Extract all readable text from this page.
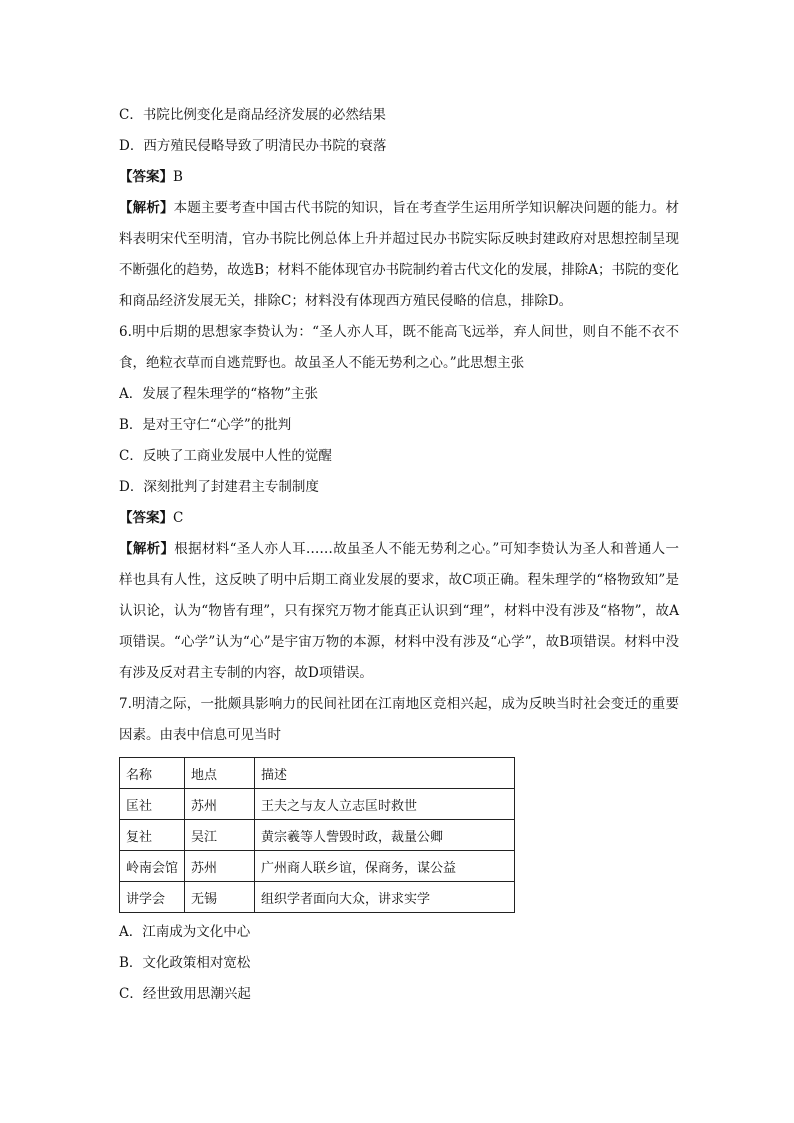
C．书院比例变化是商品经济发展的必然结果
D．西方殖民侵略导致了明清民办书院的衰落
【答案】B
【解析】本题主要考查中国古代书院的知识，旨在考查学生运用所学知识解决问题的能力。材料表明宋代至明清，官办书院比例总体上升并超过民办书院实际反映封建政府对思想控制呈现不断强化的趋势，故选B；材料不能体现官办书院制约着古代文化的发展，排除A；书院的变化和商品经济发展无关，排除C；材料没有体现西方殖民侵略的信息，排除D。
6.明中后期的思想家李贽认为：“圣人亦人耳，既不能高飞远举，弃人间世，则自不能不衣不食，绝粒衣草而自逃荒野也。故虽圣人不能无势利之心。”此思想主张
A．发展了程朱理学的“格物”主张
B．是对王守仁“心学”的批判
C．反映了工商业发展中人性的觉醒
D．深刻批判了封建君主专制制度
【答案】C
【解析】根据材料“圣人亦人耳……故虽圣人不能无势利之心。”可知李贽认为圣人和普通人一样也具有人性，这反映了明中后期工商业发展的要求，故C项正确。程朱理学的“格物致知”是认识论，认为“物皆有理”，只有探究万物才能真正认识到“理”，材料中没有涉及“格物”，故A项错误。“心学”认为“心”是宇宙万物的本源，材料中没有涉及“心学”，故B项错误。材料中没有涉及反对君主专制的内容，故D项错误。
7.明清之际，一批颇具影响力的民间社团在江南地区竞相兴起，成为反映当时社会变迁的重要因素。由表中信息可见当时
名称	地点	描述
匡社	苏州	王夫之与友人立志匡时救世
复社	吴江	黄宗羲等人訾毁时政，裁量公卿
岭南会馆	苏州	广州商人联乡谊，保商务，谋公益
讲学会	无锡	组织学者面向大众，讲求实学
A．江南成为文化中心
B．文化政策相对宽松
C．经世致用思潮兴起
